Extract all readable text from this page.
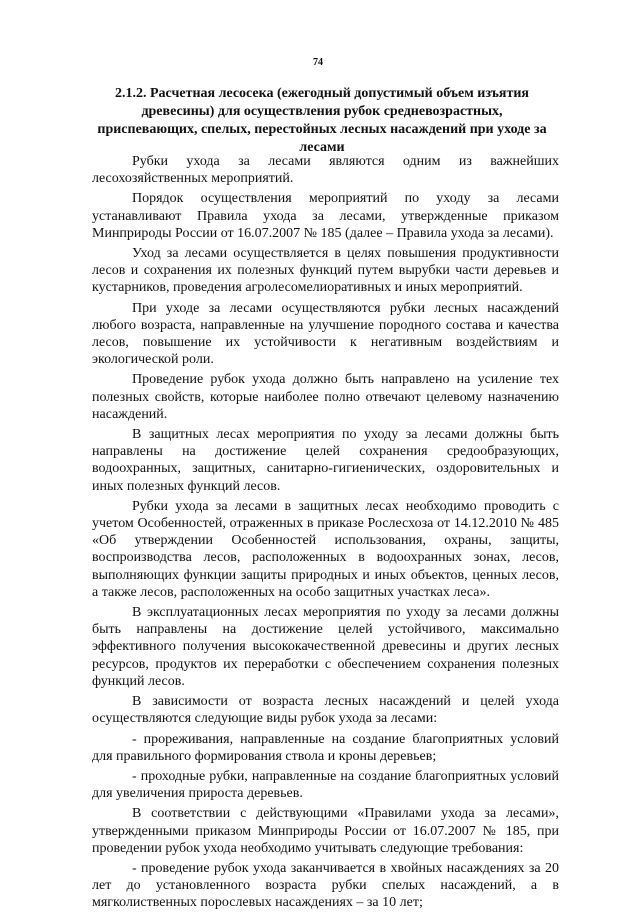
74
2.1.2. Расчетная лесосека (ежегодный допустимый объем изъятия древесины) для осуществления рубок средневозрастных, приспевающих, спелых, перестойных лесных насаждений при уходе за лесами

Рубки ухода за лесами являются одним из важнейших лесохозяйственных мероприятий.

Порядок осуществления мероприятий по уходу за лесами устанавливают Правила ухода за лесами, утвержденные приказом Минприроды России от 16.07.2007 № 185 (далее – Правила ухода за лесами).

Уход за лесами осуществляется в целях повышения продуктивности лесов и сохранения их полезных функций путем вырубки части деревьев и кустарников, проведения агролесомелиоративных и иных мероприятий.

При уходе за лесами осуществляются рубки лесных насаждений любого возраста, направленные на улучшение породного состава и качества лесов, повышение их устойчивости к негативным воздействиям и экологической роли.

Проведение рубок ухода должно быть направлено на усиление тех полезных свойств, которые наиболее полно отвечают целевому назначению насаждений.

В защитных лесах мероприятия по уходу за лесами должны быть направлены на достижение целей сохранения средообразующих, водоохранных, защитных, санитарно-гигиенических, оздоровительных и иных полезных функций лесов.

Рубки ухода за лесами в защитных лесах необходимо проводить с учетом Особенностей, отраженных в приказе Рослесхоза от 14.12.2010 № 485 «Об утверждении Особенностей использования, охраны, защиты, воспроизводства лесов, расположенных в водоохранных зонах, лесов, выполняющих функции защиты природных и иных объектов, ценных лесов, а также лесов, расположенных на особо защитных участках леса».

В эксплуатационных лесах мероприятия по уходу за лесами должны быть направлены на достижение целей устойчивого, максимально эффективного получения высококачественной древесины и других лесных ресурсов, продуктов их переработки с обеспечением сохранения полезных функций лесов.

В зависимости от возраста лесных насаждений и целей ухода осуществляются следующие виды рубок ухода за лесами:

- прореживания, направленные на создание благоприятных условий для правильного формирования ствола и кроны деревьев;

- проходные рубки, направленные на создание благоприятных условий для увеличения прироста деревьев.

В соответствии с действующими «Правилами ухода за лесами», утвержденными приказом Минприроды России от 16.07.2007 № 185, при проведении рубок ухода необходимо учитывать следующие требования:

- проведение рубок ухода заканчивается в хвойных насаждениях за 20 лет до установленного возраста рубки спелых насаждений, а в мягколиственных порослевых насаждениях – за 10 лет;
